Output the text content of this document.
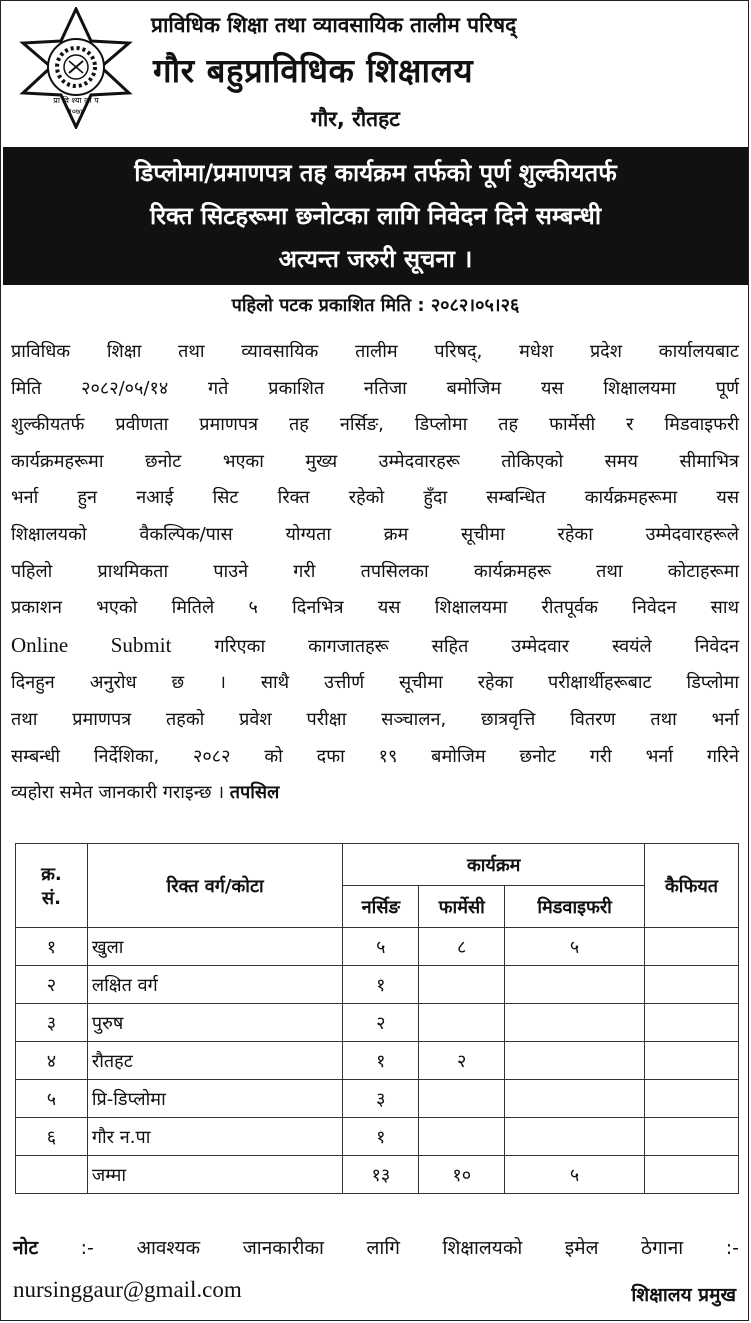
प्रा वि श्या ला प
२०७४
प्राविधिक शिक्षा तथा व्यावसायिक तालीम परिषद्
गौर बहुप्राविधिक शिक्षालय
गौर, रौतहट
डिप्लोमा/प्रमाणपत्र तह कार्यक्रम तर्फको पूर्ण शुल्कीयतर्फ
रिक्त सिटहरूमा छनोटका लागि निवेदन दिने सम्बन्धी
अत्यन्त जरुरी सूचना ।
पहिलो पटक प्रकाशित मिति : २०८२।०५।२६
प्राविधिक शिक्षा तथा व्यावसायिक तालीम परिषद्, मधेश प्रदेश कार्यालयबाट
मिति २०८२/०५/१४ गते प्रकाशित नतिजा बमोजिम यस शिक्षालयमा पूर्ण
शुल्कीयतर्फ प्रवीणता प्रमाणपत्र तह नर्सिङ, डिप्लोमा तह फार्मेसी र मिडवाइफरी
कार्यक्रमहरूमा छनोट भएका मुख्य उम्मेदवारहरू तोकिएको समय सीमाभित्र
भर्ना हुन नआई सिट रिक्त रहेको हुँदा सम्बन्धित कार्यक्रमहरूमा यस
शिक्षालयको वैकल्पिक/पास योग्यता क्रम सूचीमा रहेका उम्मेदवारहरूले
पहिलो प्राथमिकता पाउने गरी तपसिलका कार्यक्रमहरू तथा कोटाहरूमा
प्रकाशन भएको मितिले ५ दिनभित्र यस शिक्षालयमा रीतपूर्वक निवेदन साथ
Online Submit गरिएका कागजातहरू सहित उम्मेदवार स्वयंले निवेदन
दिनहुन अनुरोध छ । साथै उत्तीर्ण सूचीमा रहेका परीक्षार्थीहरूबाट डिप्लोमा
तथा प्रमाणपत्र तहको प्रवेश परीक्षा सञ्चालन, छात्रवृत्ति वितरण तथा भर्ना
सम्बन्धी निर्देशिका, २०८२ को दफा १९ बमोजिम छनोट गरी भर्ना गरिने
व्यहोरा समेत जानकारी गराइन्छ । तपसिल
क्र.
सं.	रिक्त वर्ग/कोटा	कार्यक्रम			कैफियत
		नर्सिङ	फार्मेसी	मिडवाइफरी	
१	खुला	५	८	५	
२	लक्षित वर्ग	१			
३	पुरुष	२			
४	रौतहट	१	२		
५	प्रि-डिप्लोमा	३			
६	गौर न.पा	१			
	जम्मा	१३	१०	५	
नोट :- आवश्यक जानकारीका लागि शिक्षालयको इमेल ठेगाना :-
nursinggaur@gmail.com	शिक्षालय प्रमुख
